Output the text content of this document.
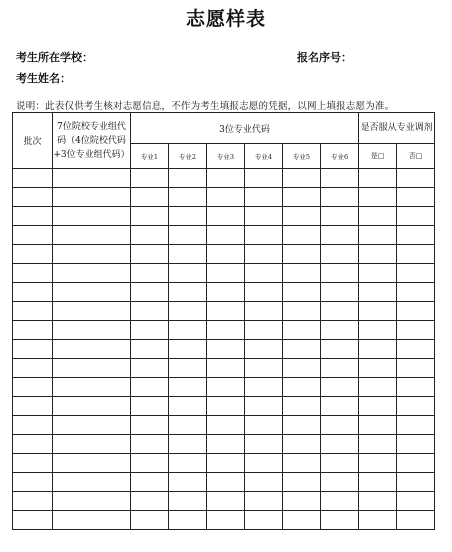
志愿样表
考生所在学校：	报名序号：
考生姓名：
说明：此表仅供考生核对志愿信息，不作为考生填报志愿的凭据，以网上填报志愿为准。
批次	7位院校专业组代码（4位院校代码+3位专业组代码）	3位专业代码						是否服从专业调剂	
		专业1	专业2	专业3	专业4	专业5	专业6	是□	否□
